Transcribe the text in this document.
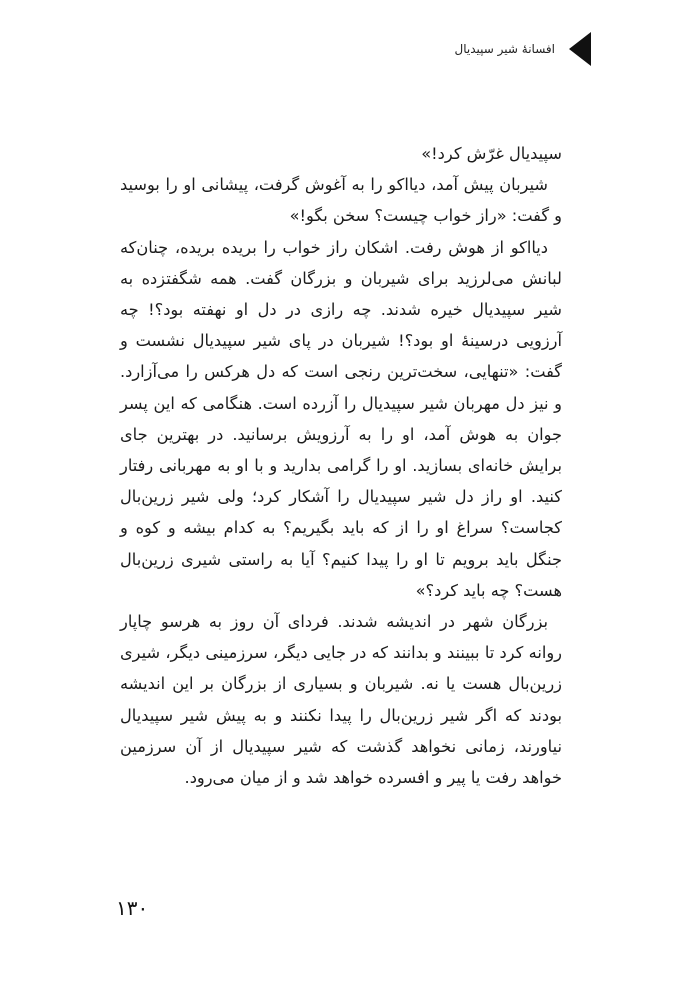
افسانهٔ شیر سپیدیال

سپیدیال غرّش کرد!»

شیربان پیش آمد، دیااکو را به آغوش گرفت، پیشانی او را بوسید و گفت: «راز خواب چیست؟ سخن بگو!»

دیااکو از هوش رفت. اشکان راز خواب را بریده بریده، چنان‌که لبانش می‌لرزید برای شیربان و بزرگان گفت. همه شگفتزده به شیر سپیدیال خیره شدند. چه رازی در دل او نهفته بود؟! چه آرزویی درسینهٔ او بود؟! شیربان در پای شیر سپیدیال نشست و گفت: «تنهایی، سخت‌ترین رنجی است که دل هرکس را می‌آزارد. و نیز دل مهربان شیر سپیدیال را آزرده است. هنگامی که این پسر جوان به هوش آمد، او را به آرزویش برسانید. در بهترین جای برایش خانه‌ای بسازید. او را گرامی بدارید و با او به مهربانی رفتار کنید. او راز دل شیر سپیدیال را آشکار کرد؛ ولی شیر زرین‌بال کجاست؟ سراغ او را از که باید بگیریم؟ به کدام بیشه و کوه و جنگل باید برویم تا او را پیدا کنیم؟ آیا به راستی شیری زرین‌بال هست؟ چه باید کرد؟»

بزرگان شهر در اندیشه شدند. فردای آن روز به هرسو چاپار روانه کرد تا ببینند و بدانند که در جایی دیگر، سرزمینی دیگر، شیری زرین‌بال هست یا نه. شیربان و بسیاری از بزرگان بر این اندیشه بودند که اگر شیر زرین‌بال را پیدا نکنند و به پیش شیر سپیدیال نیاورند، زمانی نخواهد گذشت که شیر سپیدیال از آن سرزمین خواهد رفت یا پیر و افسرده خواهد شد و از میان می‌رود.

۱۳۰
